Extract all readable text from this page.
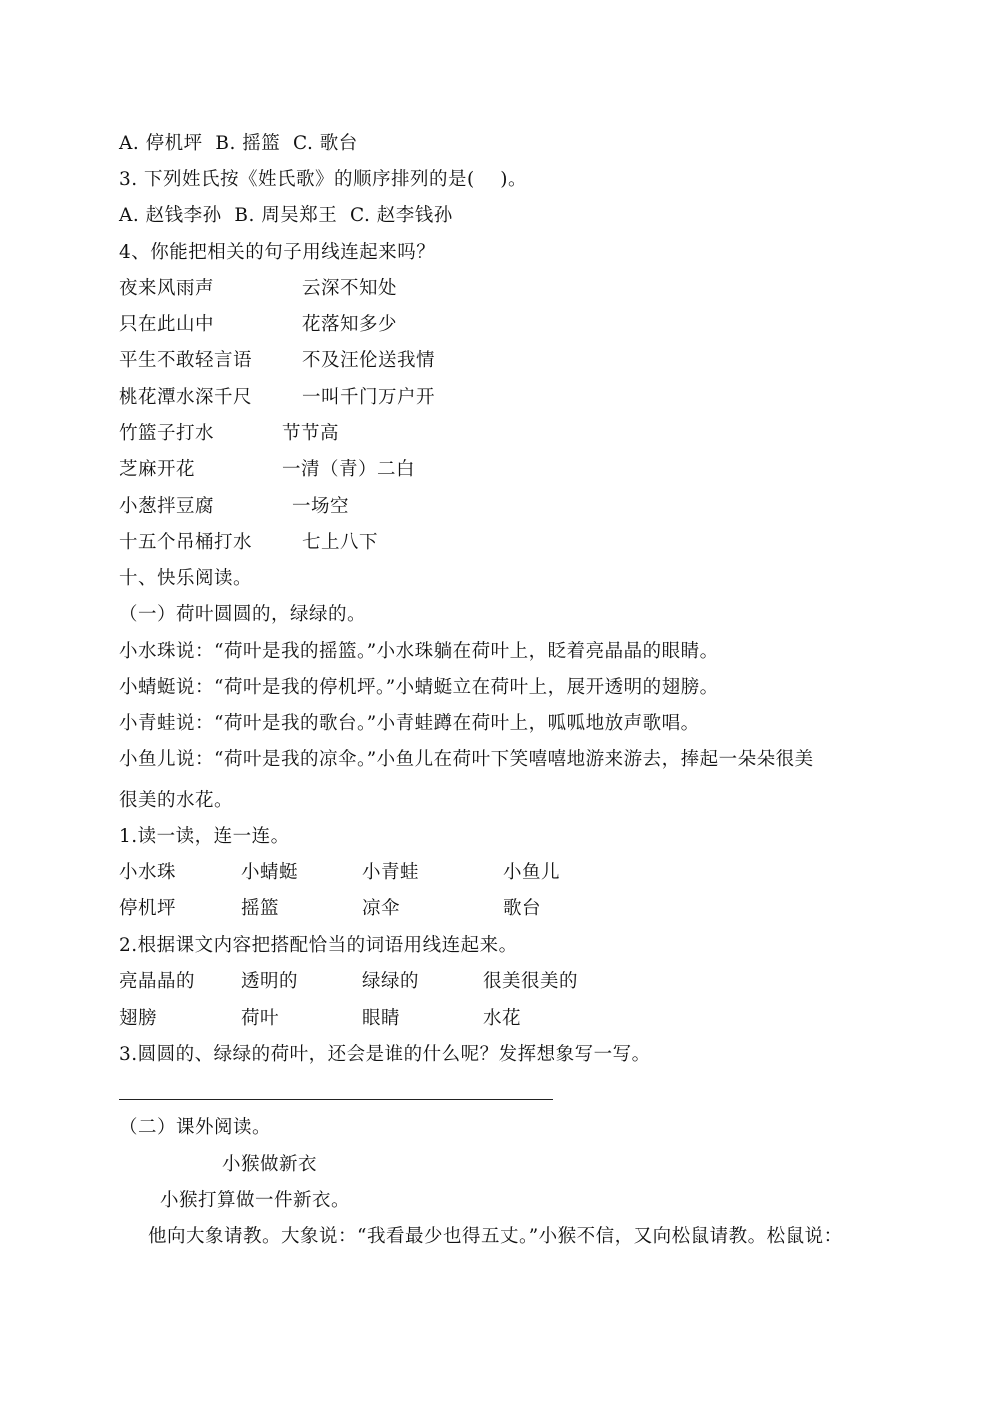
A. 停机坪  B. 摇篮  C. 歌台
3. 下列姓氏按《姓氏歌》的顺序排列的是(    )。
A. 赵钱李孙  B. 周吴郑王  C. 赵李钱孙
4、你能把相关的句子用线连起来吗？
夜来风雨声	云深不知处
只在此山中	花落知多少
平生不敢轻言语	不及汪伦送我情
桃花潭水深千尺	一叫千门万户开
竹篮子打水	节节高
芝麻开花	一清（青）二白
小葱拌豆腐	一场空
十五个吊桶打水	七上八下
十、快乐阅读。
（一）荷叶圆圆的，绿绿的。
小水珠说：“荷叶是我的摇篮。”小水珠躺在荷叶上，眨着亮晶晶的眼睛。
小蜻蜓说：“荷叶是我的停机坪。”小蜻蜓立在荷叶上，展开透明的翅膀。
小青蛙说：“荷叶是我的歌台。”小青蛙蹲在荷叶上，呱呱地放声歌唱。
小鱼儿说：“荷叶是我的凉伞。”小鱼儿在荷叶下笑嘻嘻地游来游去，捧起一朵朵很美
很美的水花。
1.读一读，连一连。
小水珠	小蜻蜓	小青蛙	小鱼儿
停机坪	摇篮	凉伞	歌台
2.根据课文内容把搭配恰当的词语用线连起来。
亮晶晶的 透明的	绿绿的	很美很美的
翅膀	荷叶	眼睛	水花
3.圆圆的、绿绿的荷叶，还会是谁的什么呢？发挥想象写一写。
（二）课外阅读。
小猴做新衣
小猴打算做一件新衣。
他向大象请教。大象说：“我看最少也得五丈。”小猴不信，又向松鼠请教。松鼠说：
